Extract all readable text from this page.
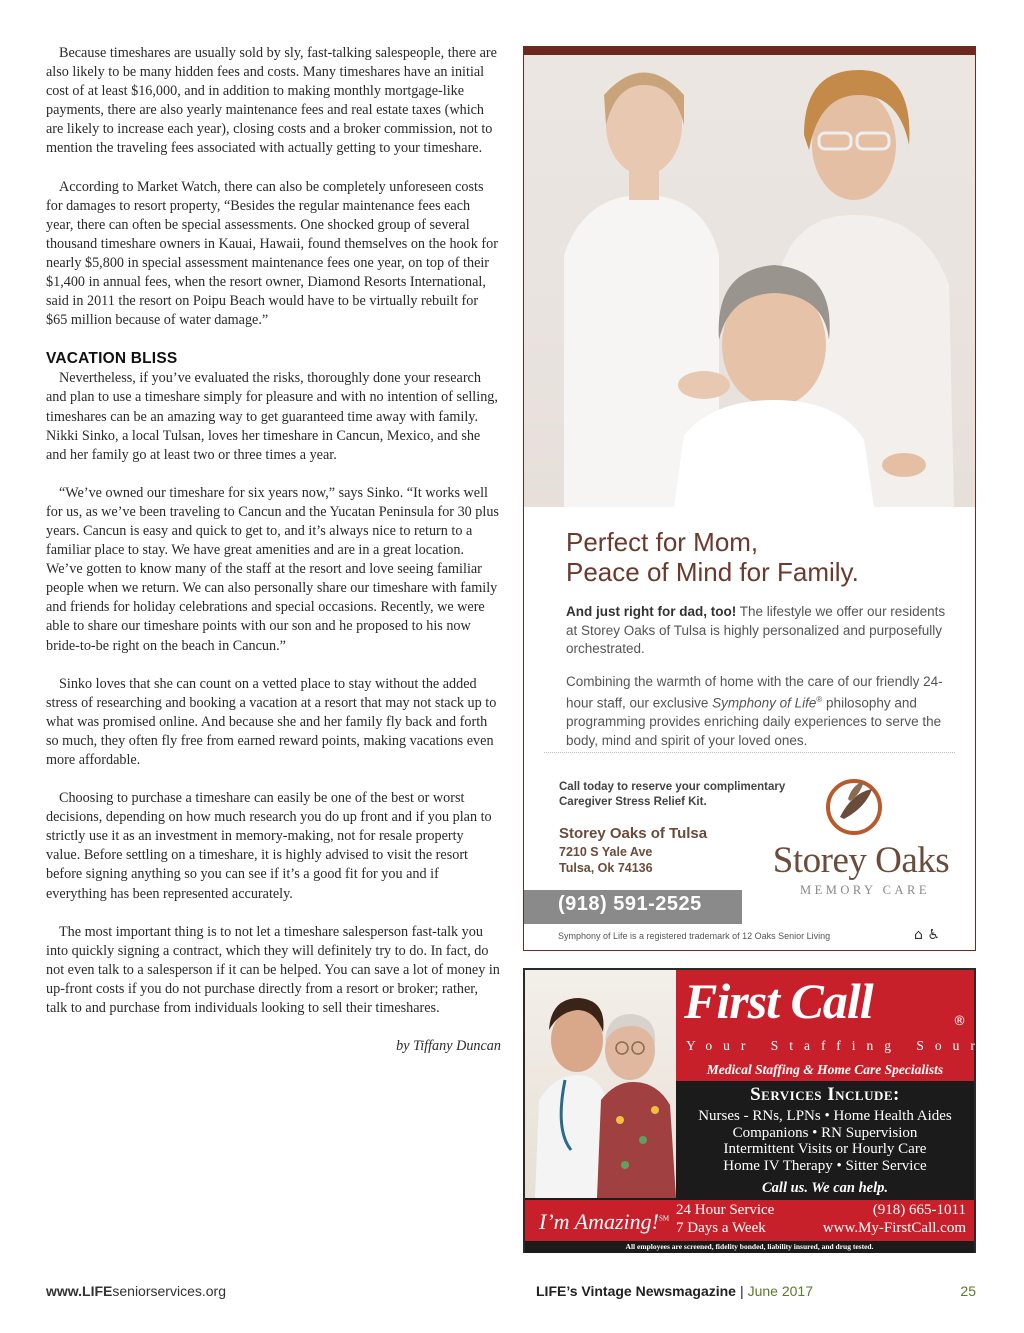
Because timeshares are usually sold by sly, fast-talking salespeople, there are also likely to be many hidden fees and costs. Many timeshares have an initial cost of at least $16,000, and in addition to making monthly mortgage-like payments, there are also yearly maintenance fees and real estate taxes (which are likely to increase each year), closing costs and a broker commission, not to mention the traveling fees associated with actually getting to your timeshare.

According to Market Watch, there can also be completely unforeseen costs for damages to resort property, “Besides the regular maintenance fees each year, there can often be special assessments. One shocked group of several thousand timeshare owners in Kauai, Hawaii, found themselves on the hook for nearly $5,800 in special assessment maintenance fees one year, on top of their $1,400 in annual fees, when the resort owner, Diamond Resorts International, said in 2011 the resort on Poipu Beach would have to be virtually rebuilt for $65 million because of water damage.”

VACATION BLISS

Nevertheless, if you’ve evaluated the risks, thoroughly done your research and plan to use a timeshare simply for pleasure and with no intention of selling, timeshares can be an amazing way to get guaranteed time away with family. Nikki Sinko, a local Tulsan, loves her timeshare in Cancun, Mexico, and she and her family go at least two or three times a year.

“We’ve owned our timeshare for six years now,” says Sinko. “It works well for us, as we’ve been traveling to Cancun and the Yucatan Peninsula for 30 plus years. Cancun is easy and quick to get to, and it’s always nice to return to a familiar place to stay. We have great amenities and are in a great location. We’ve gotten to know many of the staff at the resort and love seeing familiar people when we return. We can also personally share our timeshare with family and friends for holiday celebrations and special occasions. Recently, we were able to share our timeshare points with our son and he proposed to his now bride-to-be right on the beach in Cancun.”

Sinko loves that she can count on a vetted place to stay without the added stress of researching and booking a vacation at a resort that may not stack up to what was promised online. And because she and her family fly back and forth so much, they often fly free from earned reward points, making vacations even more affordable.

Choosing to purchase a timeshare can easily be one of the best or worst decisions, depending on how much research you do up front and if you plan to strictly use it as an investment in memory-making, not for resale property value. Before settling on a timeshare, it is highly advised to visit the resort before signing anything so you can see if it’s a good fit for you and if everything has been represented accurately.

The most important thing is to not let a timeshare salesperson fast-talk you into quickly signing a contract, which they will definitely try to do. In fact, do not even talk to a salesperson if it can be helped. You can save a lot of money in up-front costs if you do not purchase directly from a resort or broker; rather, talk to and purchase from individuals looking to sell their timeshares.

by Tiffany Duncan
Perfect for Mom,
Peace of Mind for Family.

And just right for dad, too! The lifestyle we offer our residents at Storey Oaks of Tulsa is highly personalized and purposefully orchestrated.

Combining the warmth of home with the care of our friendly 24-hour staff, our exclusive Symphony of Life® philosophy and programming provides enriching daily experiences to serve the body, mind and spirit of your loved ones.

Call today to reserve your complimentary
Caregiver Stress Relief Kit.
Storey Oaks of Tulsa
7210 S Yale Ave
Tulsa, Ok 74136
(918) 591-2525
Storey Oaks
MEMORY CARE
Symphony of Life is a registered trademark of 12 Oaks Senior Living	⌂ ♿
First Call	®
Your Staffing Source
Medical Staffing & Home Care Specialists
Services Include:
Nurses - RNs, LPNs • Home Health Aides
Companions • RN Supervision
Intermittent Visits or Hourly Care
Home IV Therapy • Sitter Service
Call us. We can help.
I’m Amazing!℠
24 Hour Service
7 Days a Week
(918) 665-1011
www.My-FirstCall.com
All employees are screened, fidelity bonded, liability insured, and drug tested.
www.LIFEseniorservices.org	LIFE’s Vintage Newsmagazine | June 2017	25
